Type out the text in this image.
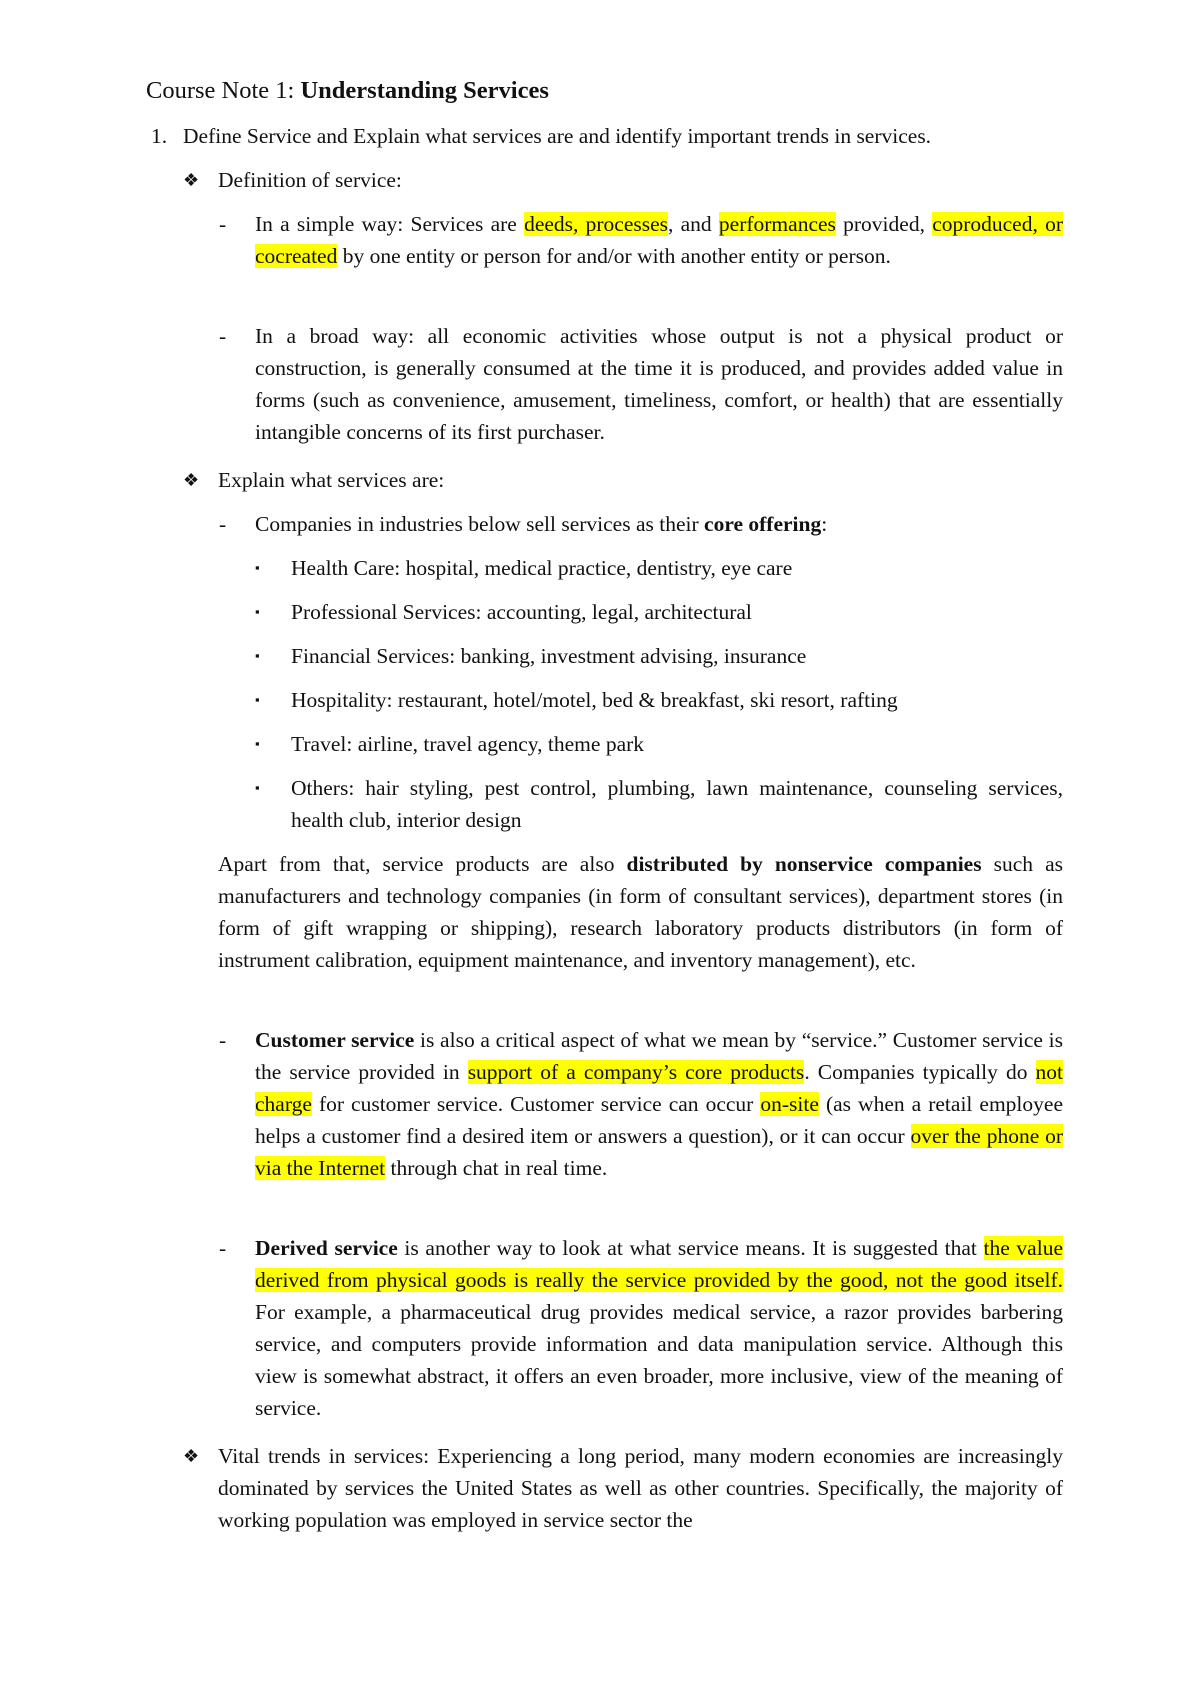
Course Note 1: Understanding Services
1. Define Service and Explain what services are and identify important trends in services.

❖ Definition of service:

- In a simple way: Services are deeds, processes, and performances provided, coproduced, or cocreated by one entity or person for and/or with another entity or person.

- In a broad way: all economic activities whose output is not a physical product or construction, is generally consumed at the time it is produced, and provides added value in forms (such as convenience, amusement, timeliness, comfort, or health) that are essentially intangible concerns of its first purchaser.

❖ Explain what services are:

- Companies in industries below sell services as their core offering:

▪ Health Care: hospital, medical practice, dentistry, eye care

▪ Professional Services: accounting, legal, architectural

▪ Financial Services: banking, investment advising, insurance

▪ Hospitality: restaurant, hotel/motel, bed & breakfast, ski resort, rafting

▪ Travel: airline, travel agency, theme park

▪ Others: hair styling, pest control, plumbing, lawn maintenance, counseling services, health club, interior design

Apart from that, service products are also distributed by nonservice companies such as manufacturers and technology companies (in form of consultant services), department stores (in form of gift wrapping or shipping), research laboratory products distributors (in form of instrument calibration, equipment maintenance, and inventory management), etc.

- Customer service is also a critical aspect of what we mean by “service.” Customer service is the service provided in support of a company’s core products. Companies typically do not charge for customer service. Customer service can occur on-site (as when a retail employee helps a customer find a desired item or answers a question), or it can occur over the phone or via the Internet through chat in real time.

- Derived service is another way to look at what service means. It is suggested that the value derived from physical goods is really the service provided by the good, not the good itself. For example, a pharmaceutical drug provides medical service, a razor provides barbering service, and computers provide information and data manipulation service. Although this view is somewhat abstract, it offers an even broader, more inclusive, view of the meaning of service.

❖ Vital trends in services: Experiencing a long period, many modern economies are increasingly dominated by services the United States as well as other countries. Specifically, the majority of working population was employed in service sector the
